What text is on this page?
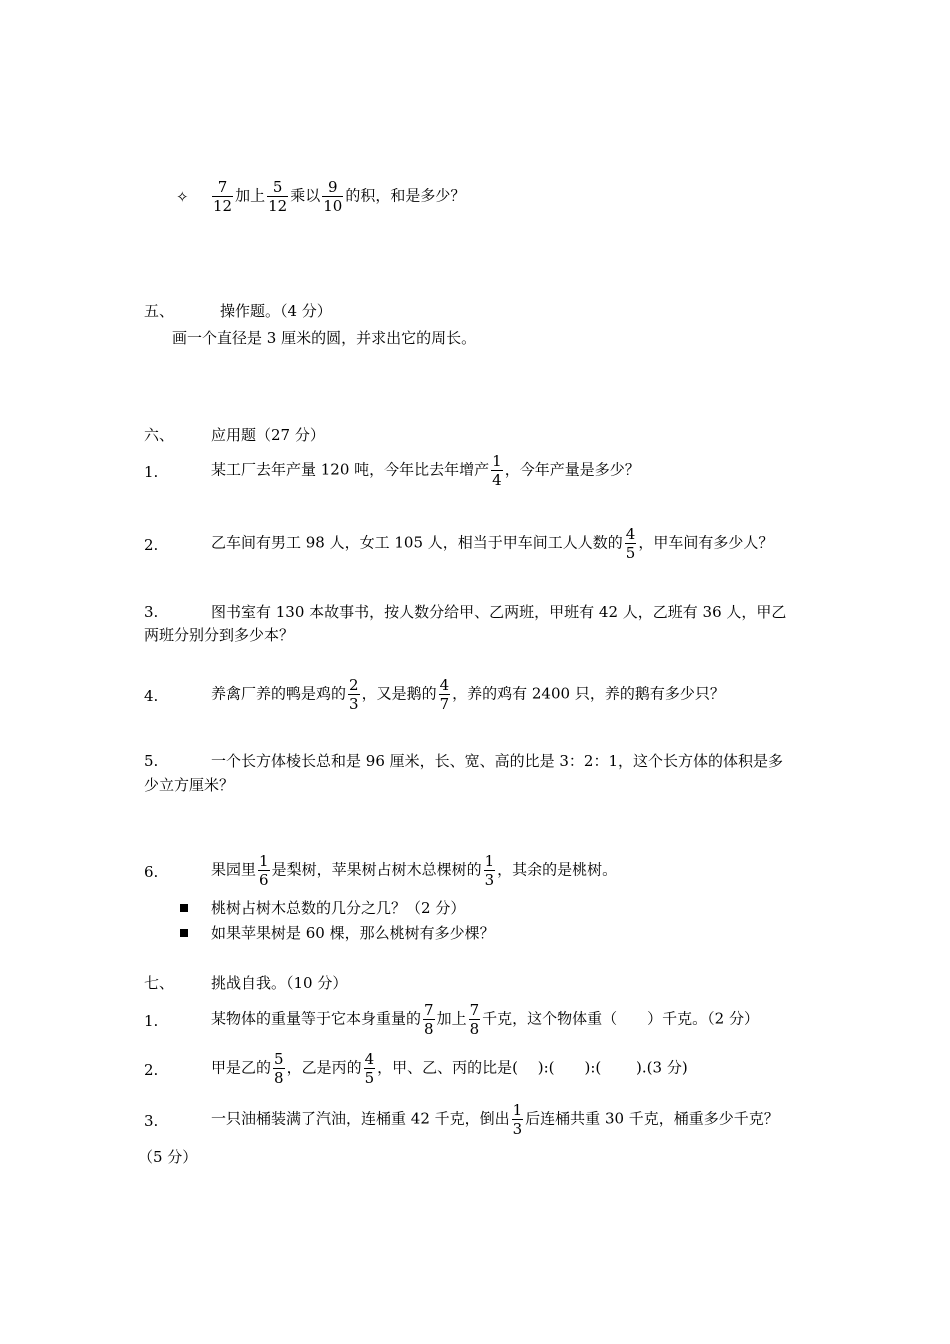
✧ $\frac{7}{12}$ 加上 $\frac{5}{12}$ 乘以 $\frac{9}{10}$ 的积，和是多少？
五、	操作题。（4 分）
画一个直径是 3 厘米的圆，并求出它的周长。
六、 应用题（27 分）
1.	某工厂去年产量 120 吨，今年比去年增产 $\frac{1}{4}$ ，今年产量是多少？
2.	乙车间有男工 98 人，女工 105 人，相当于甲车间工人人数的 $\frac{4}{5}$ ，甲车间有多少人？
3.	图书室有 130 本故事书，按人数分给甲、乙两班，甲班有 42 人，乙班有 36 人，甲乙
两班分别分到多少本？
4.	养禽厂养的鸭是鸡的 $\frac{2}{3}$ ，又是鹅的 $\frac{4}{7}$ ，养的鸡有 2400 只，养的鹅有多少只？
5.	一个长方体棱长总和是 96 厘米，长、宽、高的比是 3：2：1，这个长方体的体积是多
少立方厘米？
6.	果园里 $\frac{1}{6}$ 是梨树，苹果树占树木总棵树的 $\frac{1}{3}$ ，其余的是桃树。
桃树占树木总数的几分之几？（2 分）
如果苹果树是 60 棵，那么桃树有多少棵？
七、 挑战自我。（10 分）
1.	某物体的重量等于它本身重量的 $\frac{7}{8}$ 加上 $\frac{7}{8}$ 千克，这个物体重（　　）千克。（2 分）
2.	甲是乙的 $\frac{5}{8}$ ，乙是丙的 $\frac{4}{5}$ ，甲、乙、丙的比是(　 ):(　　):(　　 ).(3 分)
3.	一只油桶装满了汽油，连桶重 42 千克，倒出 $\frac{1}{3}$ 后连桶共重 30 千克，桶重多少千克？
（5 分）
